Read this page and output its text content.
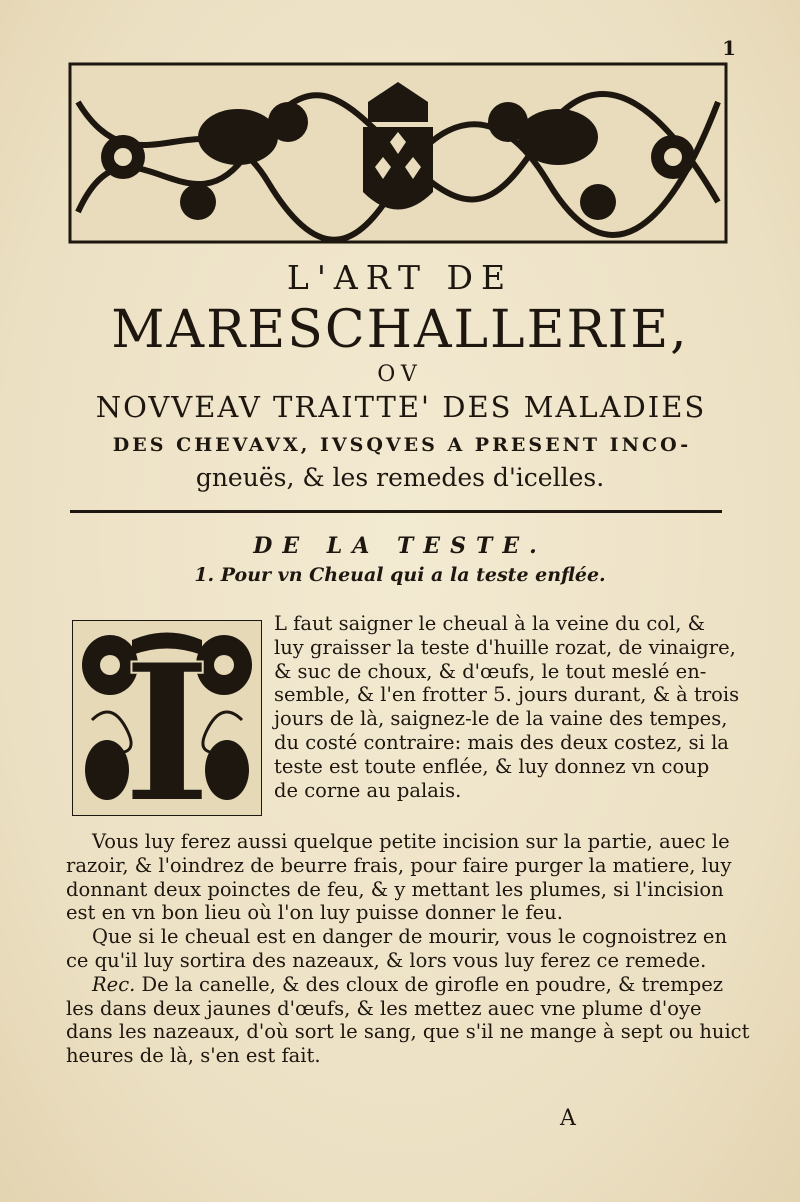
1
L'ART DE
MARESCHALLERIE,
OV
NOVVEAV TRAITTE' DES MALADIES
DES CHEVAVX, IVSQVES A PRESENT INCO-
gneuës, & les remedes d'icelles.
DE LA TESTE.
1. Pour vn Cheual qui a la teste enflée.
I	L faut saigner le cheual à la veine du col, &
luy graisser la teste d'huille rozat, de vinaigre,
& suc de choux, & d'œufs, le tout meslé en-
semble, & l'en frotter 5. jours durant, & à trois
jours de là, saignez-le de la vaine des tempes,
du costé contraire: mais des deux costez, si la
teste est toute enflée, & luy donnez vn coup
de corne au palais.
Vous luy ferez aussi quelque petite incision sur la partie, auec le
razoir, & l'oindrez de beurre frais, pour faire purger la matiere, luy
donnant deux poinctes de feu, & y mettant les plumes, si l'incision
est en vn bon lieu où l'on luy puisse donner le feu.
Que si le cheual est en danger de mourir, vous le cognoistrez en
ce qu'il luy sortira des nazeaux, & lors vous luy ferez ce remede.
Rec. De la canelle, & des cloux de girofle en poudre, & trempez
les dans deux jaunes d'œufs, & les mettez auec vne plume d'oye
dans les nazeaux, d'où sort le sang, que s'il ne mange à sept ou huict
heures de là, s'en est fait.
A
